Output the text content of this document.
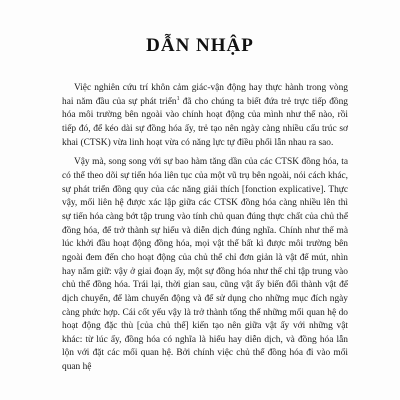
DẪN NHẬP

Việc nghiên cứu trí khôn cảm giác-vận động hay thực hành trong vòng hai năm đầu của sự phát triển$^1$ đã cho chúng ta biết đứa trẻ trực tiếp đồng hóa môi trường bên ngoài vào chính hoạt động của mình như thế nào, rồi tiếp đó, để kéo dài sự đồng hóa ấy, trẻ tạo nên ngày càng nhiều cấu trúc sơ khai (CTSK) vừa linh hoạt vừa có năng lực tự điều phối lẫn nhau ra sao.

Vậy mà, song song với sự bao hàm tăng dần của các CTSK đồng hóa, ta có thể theo dõi sự tiến hóa liên tục của một vũ trụ bên ngoài, nói cách khác, sự phát triển đồng quy của các năng giải thích [fonction explicative]. Thực vậy, mối liên hệ được xác lập giữa các CTSK đồng hóa càng nhiều lên thì sự tiến hóa càng bớt tập trung vào tính chủ quan đúng thực chất của chủ thể đồng hóa, để trở thành sự hiểu và diễn dịch đúng nghĩa. Chính như thế mà lúc khởi đầu hoạt động đồng hóa, mọi vật thể bất kì được môi trường bên ngoài đem đến cho hoạt động của chủ thể chỉ đơn giản là vật để mút, nhìn hay nắm giữ: vậy ở giai đoạn ấy, một sự đồng hóa như thế chỉ tập trung vào chủ thể đồng hóa. Trái lại, thời gian sau, cũng vật ấy biến đổi thành vật để dịch chuyển, để làm chuyển động và để sử dụng cho những mục đích ngày càng phức hợp. Cái cốt yếu vậy là trở thành tổng thể những mối quan hệ do hoạt động đặc thù [của chủ thể] kiến tạo nên giữa vật ấy với những vật khác: từ lúc ấy, đồng hóa có nghĩa là hiểu hay diễn dịch, và đồng hóa lẫn lộn với đặt các mối quan hệ. Bởi chính việc chủ thể đồng hóa đi vào mối quan hệ
